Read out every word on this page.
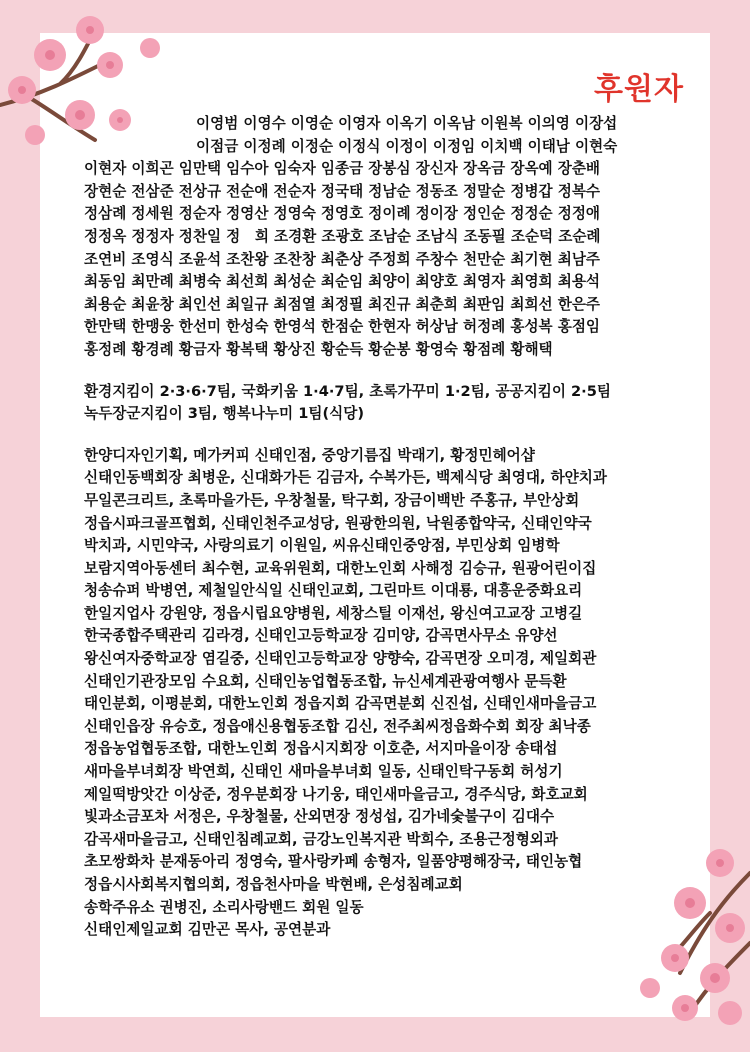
후원자
이영범 이영수 이영순 이영자 이옥기 이옥남 이원복 이의영 이장섭
이점금 이정례 이정순 이정식 이정이 이정임 이치백 이태남 이현숙
이현자 이희곤 임만택 임수아 임숙자 임종금 장봉심 장신자 장옥금 장옥예 장춘배
장현순 전삼준 전상규 전순애 전순자 정국태 정남순 정동조 정말순 정병갑 정복수
정삼례 정세원 정순자 정영산 정영숙 정영호 정이례 정이장 정인순 정정순 정정애
정정옥 정정자 정찬일 정　희 조경환 조광호 조남순 조남식 조동필 조순덕 조순례
조연비 조영식 조윤석 조찬왕 조찬창 최춘상 주정희 주창수 천만순 최기현 최남주
최동임 최만례 최병숙 최선희 최성순 최순임 최양이 최양호 최영자 최영희 최용석
최용순 최윤창 최인선 최일규 최점열 최정필 최진규 최춘희 최판임 최희선 한은주
한만택 한맹웅 한선미 한성숙 한영석 한점순 한현자 허상남 허정례 홍성복 홍점임
홍정례 황경례 황금자 황복택 황상진 황순득 황순봉 황영숙 황점례 황해택
환경지킴이 2·3·6·7팀, 국화키움 1·4·7팀, 초록가꾸미 1·2팀, 공공지킴이 2·5팀
녹두장군지킴이 3팀, 행복나누미 1팀(식당)
한양디자인기획, 메가커피 신태인점, 중앙기름집 박래기, 황정민헤어샵
신태인동백회장 최병운, 신대화가든 김금자, 수복가든, 백제식당 최영대, 하얀치과
무일콘크리트, 초록마을가든, 우창철물, 탁구회, 장금이백반 주홍규, 부안상회
정읍시파크골프협회, 신태인천주교성당, 원광한의원, 낙원종합약국, 신태인약국
박치과, 시민약국, 사랑의료기 이원일, 씨유신태인중앙점, 부민상회 임병학
보람지역아동센터 최수현, 교육위원회, 대한노인회 사해정 김승규, 원광어린이집
청송슈퍼 박병연, 제철일안식일 신태인교회, 그린마트 이대룡, 대흥운중화요리
한일지업사 강원양, 정읍시립요양병원, 세창스틸 이재선, 왕신여고교장 고병길
한국종합주택관리 김라경, 신태인고등학교장 김미양, 감곡면사무소 유양선
왕신여자중학교장 염길중, 신태인고등학교장 양향숙, 감곡면장 오미경, 제일회관
신태인기관장모임 수요회, 신태인농업협동조합, 뉴신세계관광여행사 문득환
태인분회, 이평분회, 대한노인회 정읍지회 감곡면분회 신진섭, 신태인새마을금고
신태인읍장 유승호, 정읍애신용협동조합 김신, 전주최씨정읍화수회 회장 최낙종
정읍농업협동조합, 대한노인회 정읍시지회장 이호춘, 서지마을이장 송태섭
새마을부녀회장 박연희, 신태인 새마을부녀회 일동, 신태인탁구동회 허성기
제일떡방앗간 이상준, 정우분회장 나기웅, 태인새마을금고, 경주식당, 화호교회
빛과소금포차 서정은, 우창철물, 산외면장 정성섭, 김가네숯불구이 김대수
감곡새마을금고, 신태인침례교회, 금강노인복지관 박희수, 조용근정형외과
초모쌍화차 분재동아리 정영숙, 팔사랑카페 송형자, 일품양평해장국, 태인농협
정읍시사회복지협의회, 정읍천사마을 박현배, 은성침례교회
송학주유소 권병진, 소리사랑밴드 회원 일동
신태인제일교회 김만곤 목사, 공연분과
